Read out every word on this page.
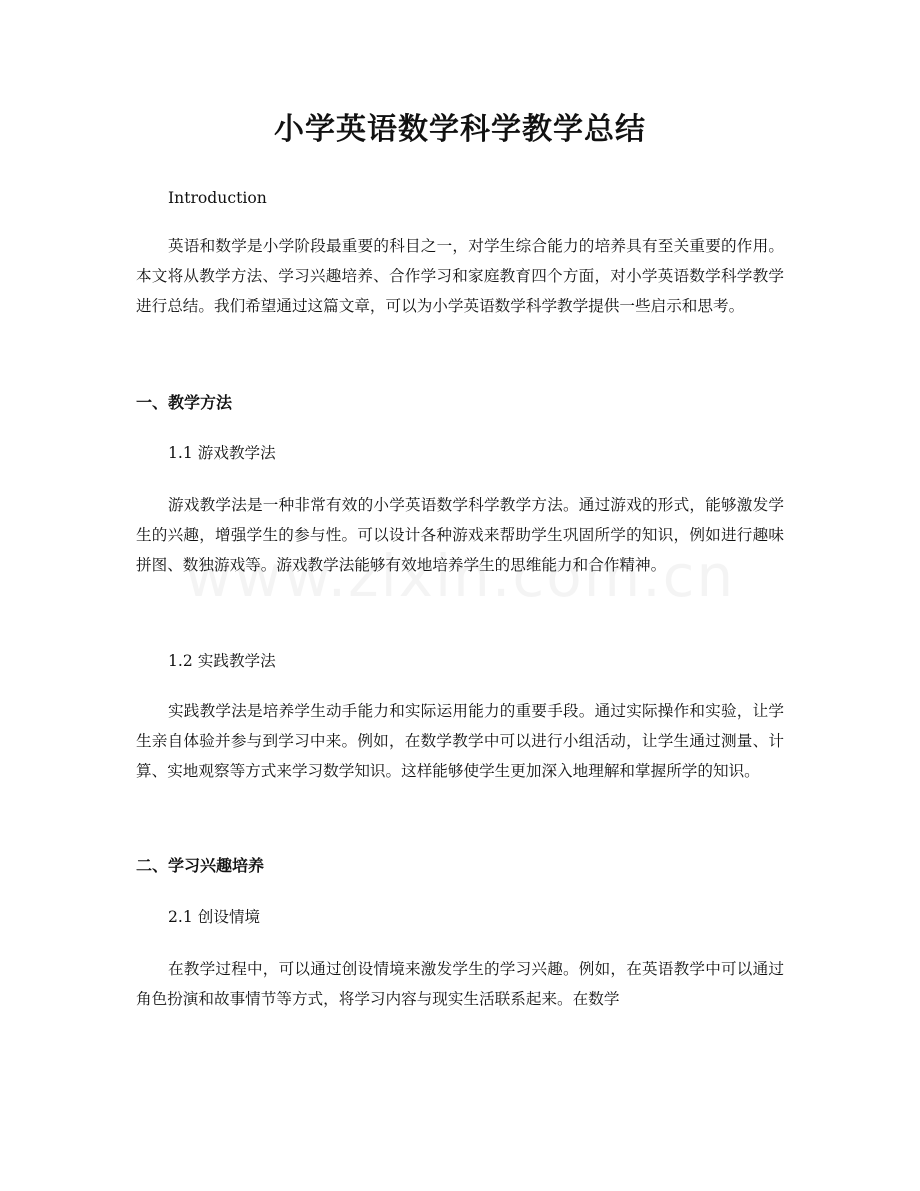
小学英语数学科学教学总结

Introduction

英语和数学是小学阶段最重要的科目之一，对学生综合能力的培养具有至关重要的作用。本文将从教学方法、学习兴趣培养、合作学习和家庭教育四个方面，对小学英语数学科学教学进行总结。我们希望通过这篇文章，可以为小学英语数学科学教学提供一些启示和思考。

一、教学方法

1.1 游戏教学法

游戏教学法是一种非常有效的小学英语数学科学教学方法。通过游戏的形式，能够激发学生的兴趣，增强学生的参与性。可以设计各种游戏来帮助学生巩固所学的知识，例如进行趣味拼图、数独游戏等。游戏教学法能够有效地培养学生的思维能力和合作精神。

1.2 实践教学法

实践教学法是培养学生动手能力和实际运用能力的重要手段。通过实际操作和实验，让学生亲自体验并参与到学习中来。例如，在数学教学中可以进行小组活动，让学生通过测量、计算、实地观察等方式来学习数学知识。这样能够使学生更加深入地理解和掌握所学的知识。

二、学习兴趣培养

2.1 创设情境

在教学过程中，可以通过创设情境来激发学生的学习兴趣。例如，在英语教学中可以通过角色扮演和故事情节等方式，将学习内容与现实生活联系起来。在数学
